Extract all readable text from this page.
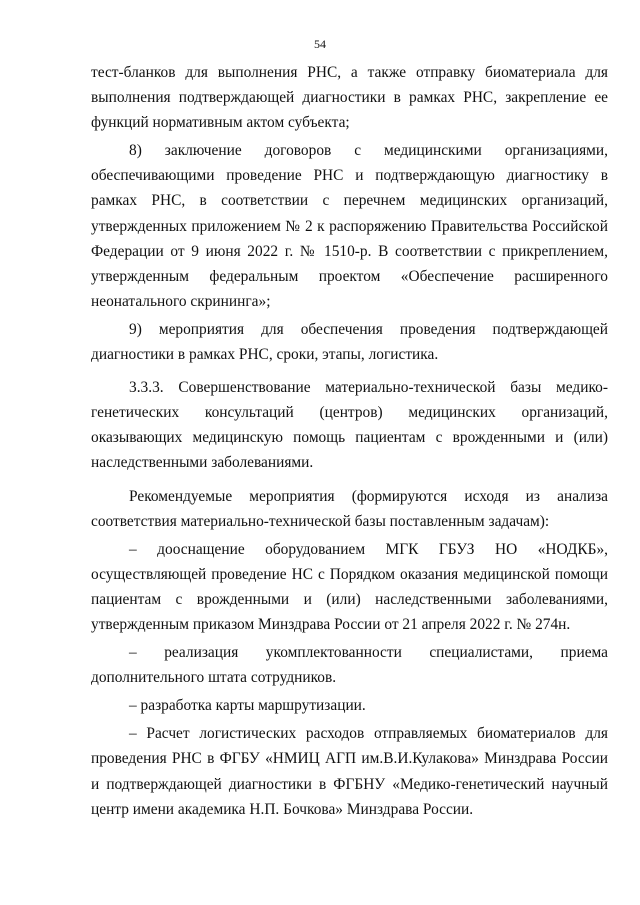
54

тест-бланков для выполнения РНС, а также отправку биоматериала для выполнения подтверждающей диагностики в рамках РНС, закрепление ее функций нормативным актом субъекта;

8) заключение договоров с медицинскими организациями, обеспечивающими проведение РНС и подтверждающую диагностику в рамках РНС, в соответствии с перечнем медицинских организаций, утвержденных приложением № 2 к распоряжению Правительства Российской Федерации от 9 июня 2022 г. № 1510-р. В соответствии с прикреплением, утвержденным федеральным проектом «Обеспечение расширенного неонатального скрининга»;

9) мероприятия для обеспечения проведения подтверждающей диагностики в рамках РНС, сроки, этапы, логистика.

3.3.3. Совершенствование материально-технической базы медико-генетических консультаций (центров) медицинских организаций, оказывающих медицинскую помощь пациентам с врожденными и (или) наследственными заболеваниями.

Рекомендуемые мероприятия (формируются исходя из анализа соответствия материально-технической базы поставленным задачам):

– дооснащение оборудованием МГК ГБУЗ НО «НОДКБ», осуществляющей проведение НС с Порядком оказания медицинской помощи пациентам с врожденными и (или) наследственными заболеваниями, утвержденным приказом Минздрава России от 21 апреля 2022 г. № 274н.

– реализация укомплектованности специалистами, приема дополнительного штата сотрудников.

– разработка карты маршрутизации.

– Расчет логистических расходов отправляемых биоматериалов для проведения РНС в ФГБУ «НМИЦ АГП им.В.И.Кулакова» Минздрава России и подтверждающей диагностики в ФГБНУ «Медико-генетический научный центр имени академика Н.П. Бочкова» Минздрава России.
